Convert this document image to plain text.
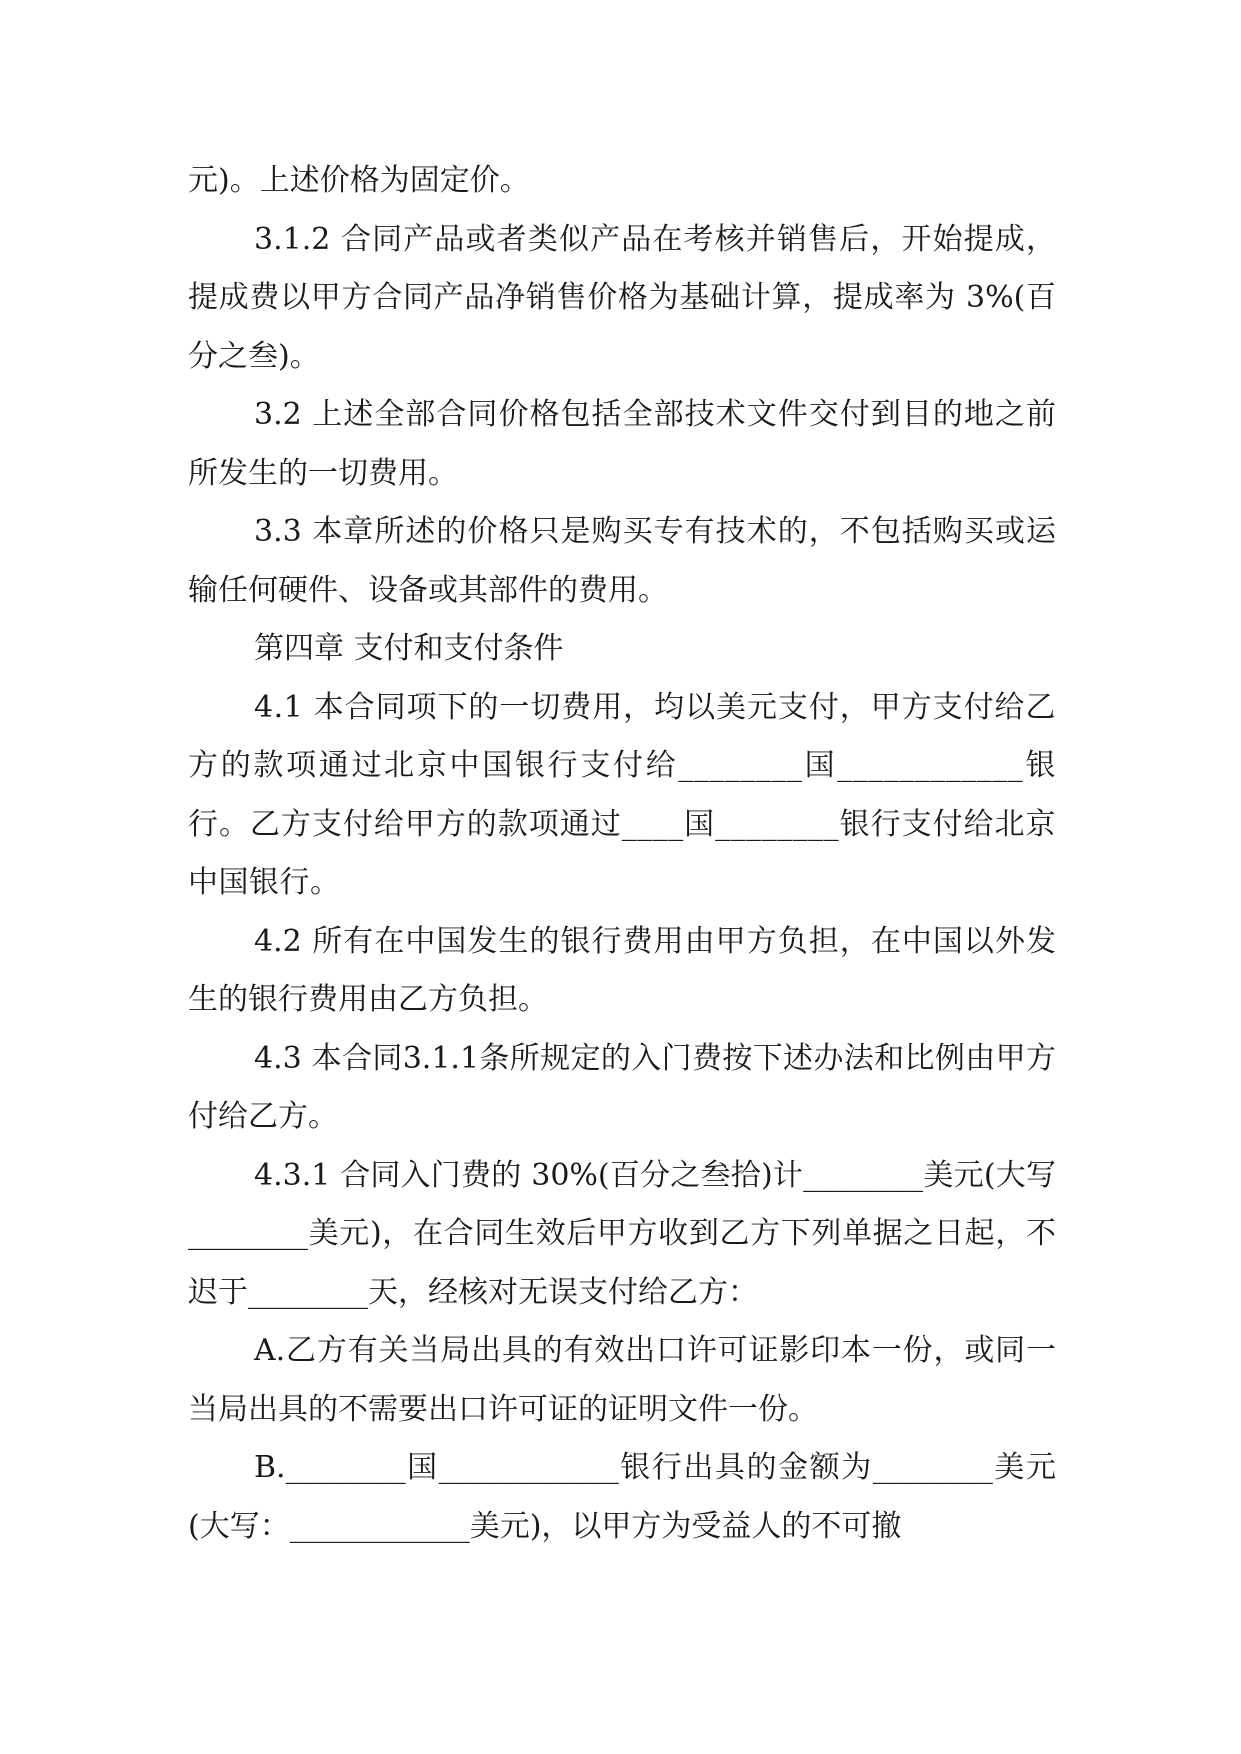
元)。上述价格为固定价。

3.1.2 合同产品或者类似产品在考核并销售后，开始提成，提成费以甲方合同产品净销售价格为基础计算，提成率为 3%(百分之叁)。

3.2 上述全部合同价格包括全部技术文件交付到目的地之前所发生的一切费用。

3.3 本章所述的价格只是购买专有技术的，不包括购买或运输任何硬件、设备或其部件的费用。

第四章 支付和支付条件

4.1 本合同项下的一切费用，均以美元支付，甲方支付给乙方的款项通过北京中国银行支付给________国____________银行。乙方支付给甲方的款项通过____国________银行支付给北京中国银行。

4.2 所有在中国发生的银行费用由甲方负担，在中国以外发生的银行费用由乙方负担。

4.3 本合同3.1.1条所规定的入门费按下述办法和比例由甲方付给乙方。

4.3.1 合同入门费的 30%(百分之叁拾)计________美元(大写________美元)，在合同生效后甲方收到乙方下列单据之日起，不迟于________天，经核对无误支付给乙方：

A.乙方有关当局出具的有效出口许可证影印本一份，或同一当局出具的不需要出口许可证的证明文件一份。

B.________国____________银行出具的金额为________美元(大写：____________美元)，以甲方为受益人的不可撤
